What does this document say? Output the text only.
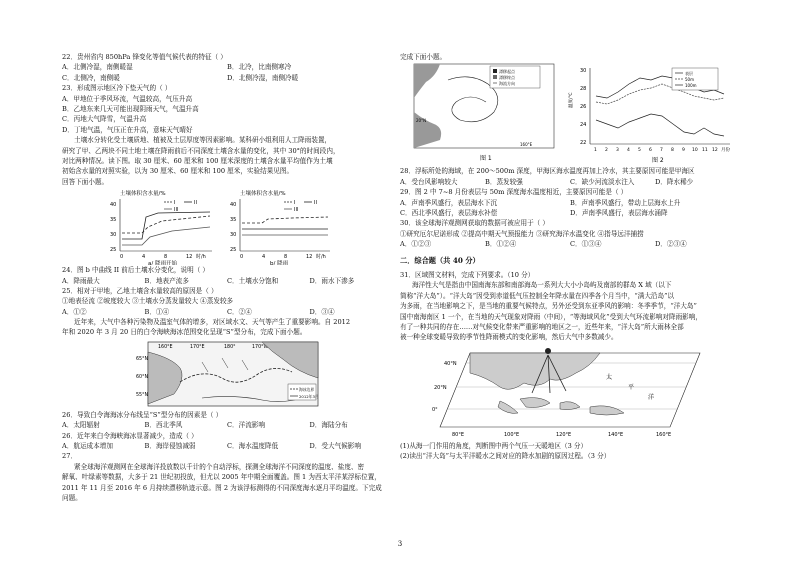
22．贵州省内 850hPa 锋变化等值气候代表的特征（ ）
A．北侧冷湿，南侧暖湿	B．北冷，比南侧寒冷
C．北侧冷，南侧暖	D．北侧冷湿，南侧冷暖
23．形成图示地区冷下垫天气的（ ）
A．甲地位于季风环流，气温较高，气压升高
B．乙地东来几天可能出现阴雨天气，气温升高
C．丙地大气降雪，气温升高
D．丁地气温，气压正在升高，意味天气晴好
土壤水分转化受土壤质地、植被及土层厚度等因素影响。某科研小组利用人工降雨装置，
研究了甲、乙两块不同土地土壤在降雨前后不同深度土壤含水量的变化，其中 30°的时间段内，
对比两种情况。读下图。取 30 厘米、60 厘米和 100 厘米深度的土壤含水量平均值作为土壤
初始含水量的对照实验，以为 30 厘米、60 厘米和 100 厘米，实验结果见图。
回答下面小题。
土壤体积含水量/%
40
35
30
25
0	4	8	12 时/h
I	II
III
a/ 降雨开始
土壤体积含水量/%
40
35
30
25
0	4	8	12 时/h
I	II
III
b/ 降雨
24．图 b 中曲线 II 前后土壤水分变化，说明（ ）
A．降雨最大	B．地表产流多	C．土壤水分饱和	D．雨水下渗多
25．相对于甲地，乙地土壤含水量较高的原因是（ ）
①地表径流 ②坡度较大 ③土壤水分蒸发量较大 ④蒸发较多
A．①②	B．①④	C．②④	D．③④
近年来，大气中各种污染物及温室气体的增多，对区域水文、天气等产生了重要影响。自 2012
年和 2020 年 3 月 20 日的白令海峡海冰范围变化呈现“S”型分布，完成下面小题。
160°E	170°E	180°	170°W
65°N
60°N
55°N
海冰边界
2012年3月
26．导致白令海海冰分布线呈“S”型分布的因素是（ ）
A．太阳辐射	B．西北季风	C．洋流影响	D．海陆分布
26．近年来白令海峡海冰显著减少，造成（ ）
A．航运成本增加	B．海岸侵蚀减弱	C．海水温度降低	D．受大气候影响
27．
紧全球海洋观测网在全球海洋投放数以千计的个自动浮标，探测全球海洋不同深度的温度、盐度、密
解氧、叶绿素等数据，大多于 21 世纪初投放，但尤以 2005 年中期全面覆盖。图 1 为西太平洋某浮标位置，
2011 年 11 月至 2016 年 6 月持续漂移轨迹示意。图 2 为该浮标测得的不同深度海水逐月平均温度。下完成
问题。
完成下面小题。
漂移起点
漂移终点
海流方向
20°N
160°E
图 1
30
28
26
24
22
温度/℃
1 2 3 4 5 6 7 8 9 10 11 12 月份
表层
50m
100m
图 2
28．浮标所处的海域，在 200～500m 深度，甲海区海水温度再加上冷水，其主要原因可能是甲海区
A．受台风影响较大	B．蒸发较强	C．缺少河流淡水注入	D．降水稀少
29．图 2 中 7~8 月份表层与 50m 深度海水温度相近，主要原因可能是（ ）
A．声南季风盛行，表层海水下沉	B．声南季风盛行，带动上层海水上升
C．西北季风盛行，表层海水补偿	D．声南季风盛行，表层海水涌降
30．该全球海洋观测网获取的数据可被应用于（ ）
①研究厄尔尼诺形成 ②提高中期天气预报能力 ③研究海洋水温变化 ④指导远洋捕捞
A．①②③	B．①②④	C．①③④	D．②③④
二．综合题（共 40 分）
31．区域图文材料，完成下列要求。（10 分）
海洋性大气是指由中国南海东部和南部海岛一系列大大小小岛屿及南部的群岛 X 域（以下
简称“洋大岛”）。“洋大岛”因受到赤道低气压控制全年降水量在四季各个月当中，“满大沿岛”以
为多雨，在当地影响之下，是当地的重要气候特点，另外还受到东亚季风的影响：冬季季节，“洋大岛”
国中南海南区 1 一个，在当地的天气现象对降雨（中间），“等海域风化”受到大气环流影响对降雨影响，
有了一种共同的存在……对气候变化带来严重影响的地区之一，近些年来，“洋大岛”所大雨林全部
被一种全球变暖导致的季节性降雨模式的变化影响，然后大气中多数减少。
40°N
20°N
0°
80°E	100°E	120°E	140°E	160°E
太
平
洋
(1)从海一门作用的角度，判断图中两个气压一天暖地区（3 分）
(2)读出“洋大岛”与太平洋暖水之间对应的降水加剧的原因过程。（3 分）
3
